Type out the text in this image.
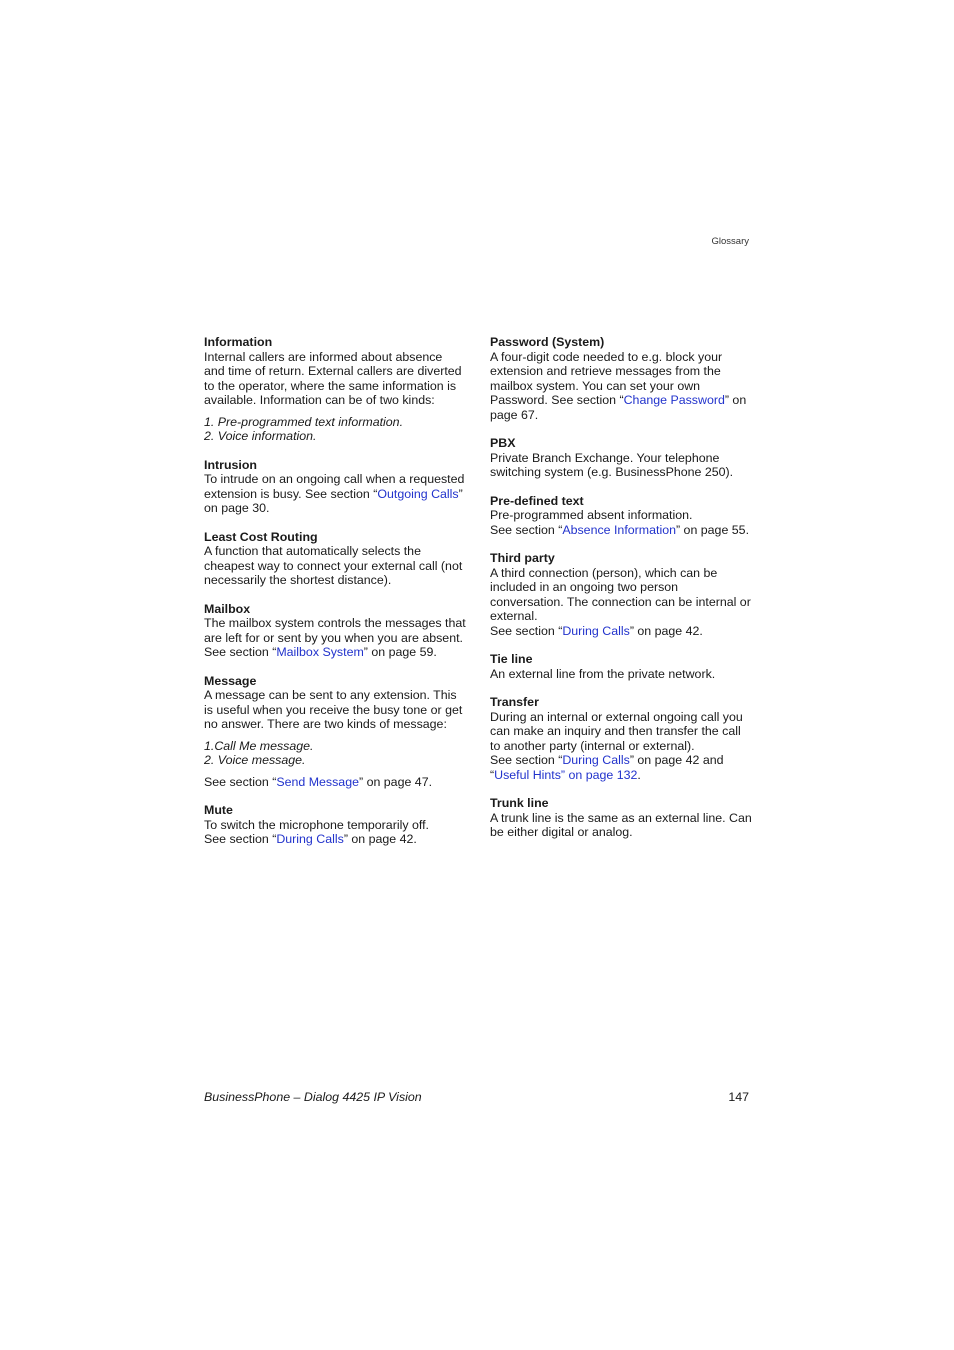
Glossary

Information

Internal callers are informed about absence and time of return. External callers are diverted to the operator, where the same information is available. Information can be of two kinds:

1. Pre-programmed text information.
2. Voice information.

Intrusion

To intrude on an ongoing call when a requested extension is busy. See section “Outgoing Calls” on page 30.

Least Cost Routing

A function that automatically selects the cheapest way to connect your external call (not necessarily the shortest distance).

Mailbox

The mailbox system controls the messages that are left for or sent by you when you are absent. See section “Mailbox System” on page 59.

Message

A message can be sent to any extension. This is useful when you receive the busy tone or get no answer. There are two kinds of message:

1.Call Me message.
2. Voice message.

See section “Send Message” on page 47.

Mute

To switch the microphone temporarily off.

See section “During Calls” on page 42.

Password (System)

A four-digit code needed to e.g. block your extension and retrieve messages from the mailbox system. You can set your own Password. See section “Change Password” on page 67.

PBX

Private Branch Exchange. Your telephone switching system (e.g. BusinessPhone 250).

Pre-defined text

Pre-programmed absent information.

See section “Absence Information” on page 55.

Third party

A third connection (person), which can be included in an ongoing two person conversation. The connection can be internal or external.

See section “During Calls” on page 42.

Tie line

An external line from the private network.

Transfer

During an internal or external ongoing call you can make an inquiry and then transfer the call to another party (internal or external).

See section “During Calls” on page 42 and “Useful Hints” on page 132.

Trunk line

A trunk line is the same as an external line. Can be either digital or analog.

BusinessPhone – Dialog 4425 IP Vision	147
